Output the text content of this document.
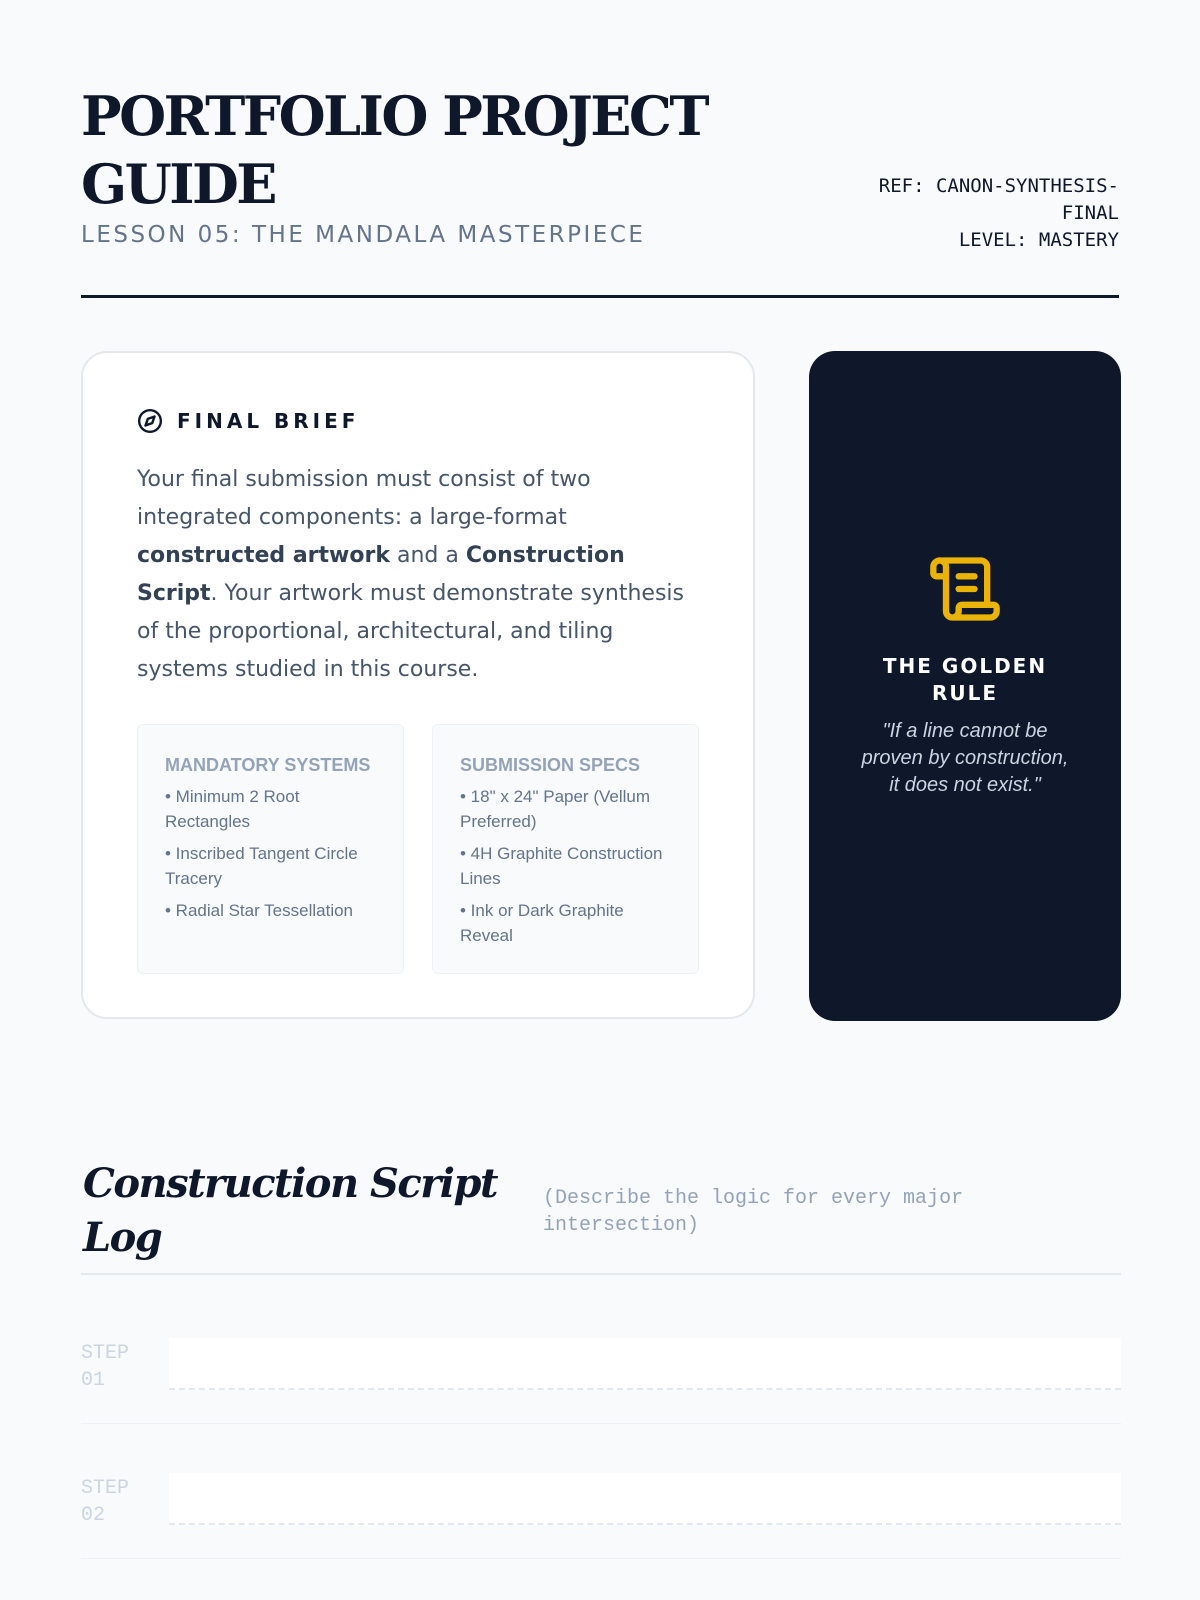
PORTFOLIO PROJECT GUIDE
LESSON 05: THE MANDALA MASTERPIECE
REF: CANON-SYNTHESIS-FINAL
LEVEL: MASTERY
FINAL BRIEF

Your final submission must consist of two integrated components: a large-format constructed artwork and a Construction Script. Your artwork must demonstrate synthesis of the proportional, architectural, and tiling systems studied in this course.

MANDATORY SYSTEMS
• Minimum 2 Root Rectangles
• Inscribed Tangent Circle Tracery
• Radial Star Tessellation
SUBMISSION SPECS
• 18" x 24" Paper (Vellum Preferred)
• 4H Graphite Construction Lines
• Ink or Dark Graphite Reveal
THE GOLDEN RULE
"If a line cannot be proven by construction, it does not exist."
Construction Script Log
(Describe the logic for every major intersection)
STEP 01
STEP 02
